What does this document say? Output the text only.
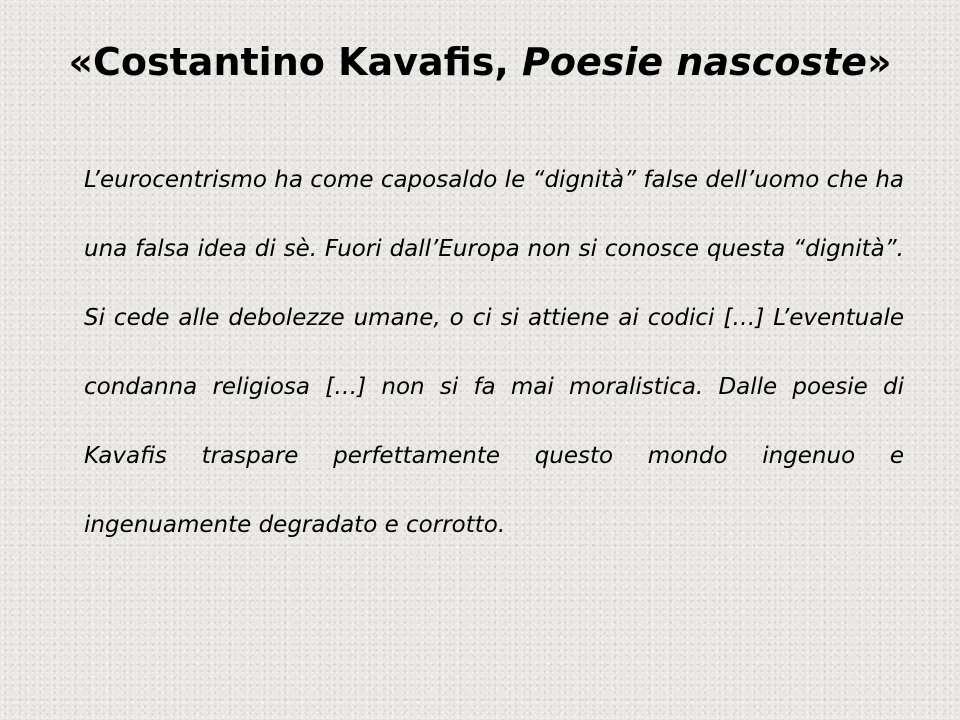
«Costantino Kavafis, Poesie nascoste»

L’eurocentrismo ha come caposaldo le “dignità” false dell’uomo che ha una falsa idea di sè. Fuori dall’Europa non si conosce questa “dignità”. Si cede alle debolezze umane, o ci si attiene ai codici […] L’eventuale condanna religiosa […] non si fa mai moralistica. Dalle poesie di Kavafis traspare perfettamente questo mondo ingenuo e ingenuamente degradato e corrotto.
